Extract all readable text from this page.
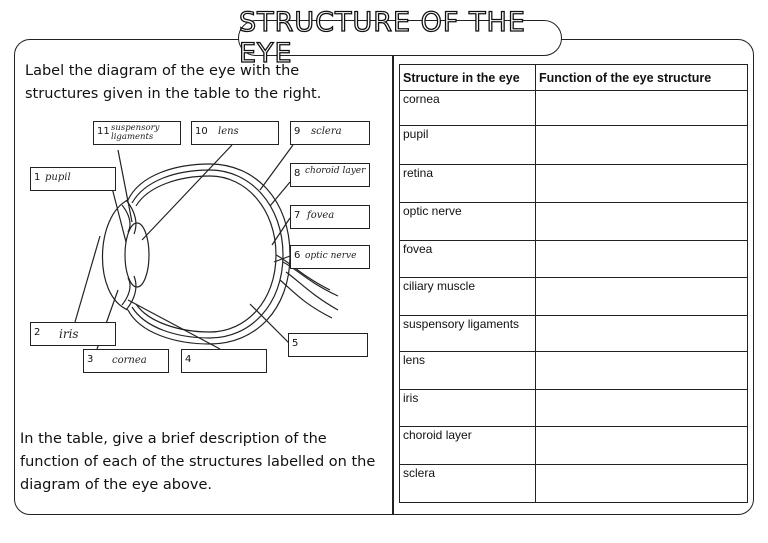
STRUCTURE OF THE EYE
Label the diagram of the eye with the
structures given in the table to the right.
11 suspensory ligaments	10 lens	9 sclera
8 choroid layer
7 fovea
6 optic nerve
1 pupil
2 iris
3 cornea	4
5
In the table, give a brief description of the
function of each of the structures labelled on the
diagram of the eye above.
Structure in the eye	Function of the eye structure
cornea	
pupil	
retina	
optic nerve	
fovea	
ciliary muscle	
suspensory ligaments	
lens	
iris	
choroid layer	
sclera	
